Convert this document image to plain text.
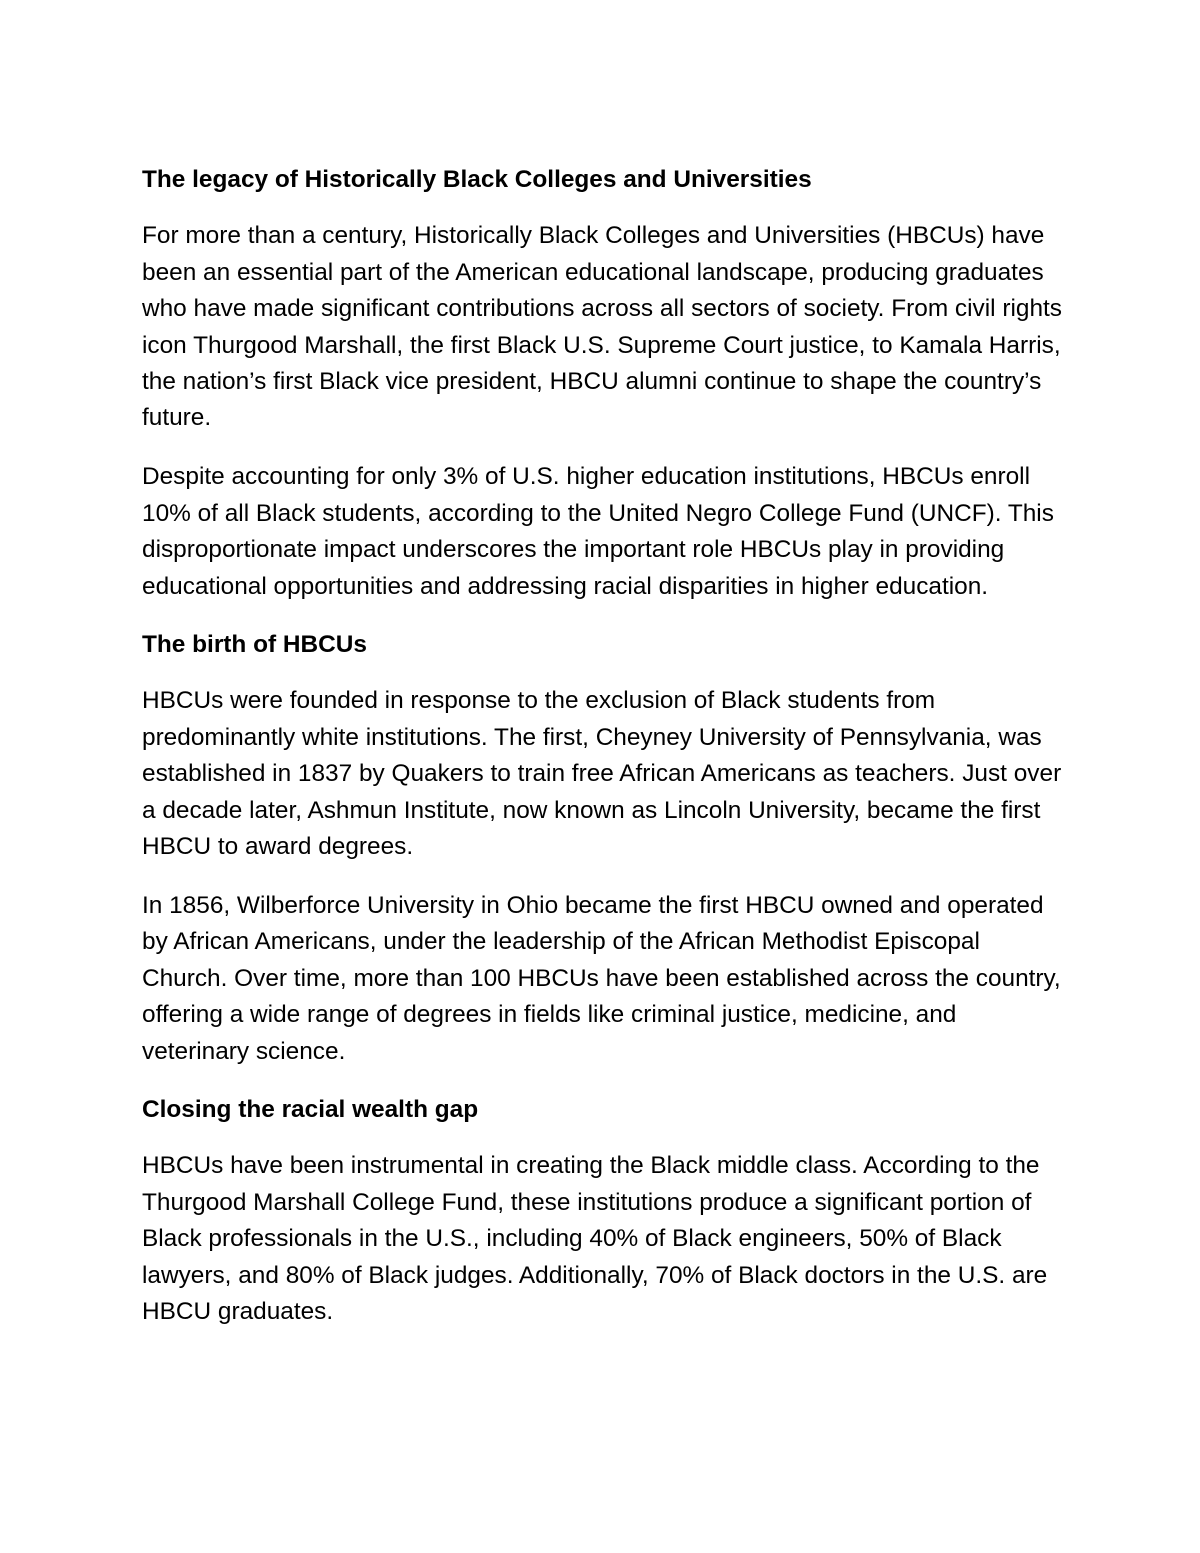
The legacy of Historically Black Colleges and Universities

For more than a century, Historically Black Colleges and Universities (HBCUs) have been an essential part of the American educational landscape, producing graduates who have made significant contributions across all sectors of society. From civil rights icon Thurgood Marshall, the first Black U.S. Supreme Court justice, to Kamala Harris, the nation’s first Black vice president, HBCU alumni continue to shape the country’s future.

Despite accounting for only 3% of U.S. higher education institutions, HBCUs enroll 10% of all Black students, according to the United Negro College Fund (UNCF). This disproportionate impact underscores the important role HBCUs play in providing educational opportunities and addressing racial disparities in higher education.

The birth of HBCUs

HBCUs were founded in response to the exclusion of Black students from predominantly white institutions. The first, Cheyney University of Pennsylvania, was established in 1837 by Quakers to train free African Americans as teachers. Just over a decade later, Ashmun Institute, now known as Lincoln University, became the first HBCU to award degrees.

In 1856, Wilberforce University in Ohio became the first HBCU owned and operated by African Americans, under the leadership of the African Methodist Episcopal Church. Over time, more than 100 HBCUs have been established across the country, offering a wide range of degrees in fields like criminal justice, medicine, and veterinary science.

Closing the racial wealth gap

HBCUs have been instrumental in creating the Black middle class. According to the Thurgood Marshall College Fund, these institutions produce a significant portion of Black professionals in the U.S., including 40% of Black engineers, 50% of Black lawyers, and 80% of Black judges. Additionally, 70% of Black doctors in the U.S. are HBCU graduates.
